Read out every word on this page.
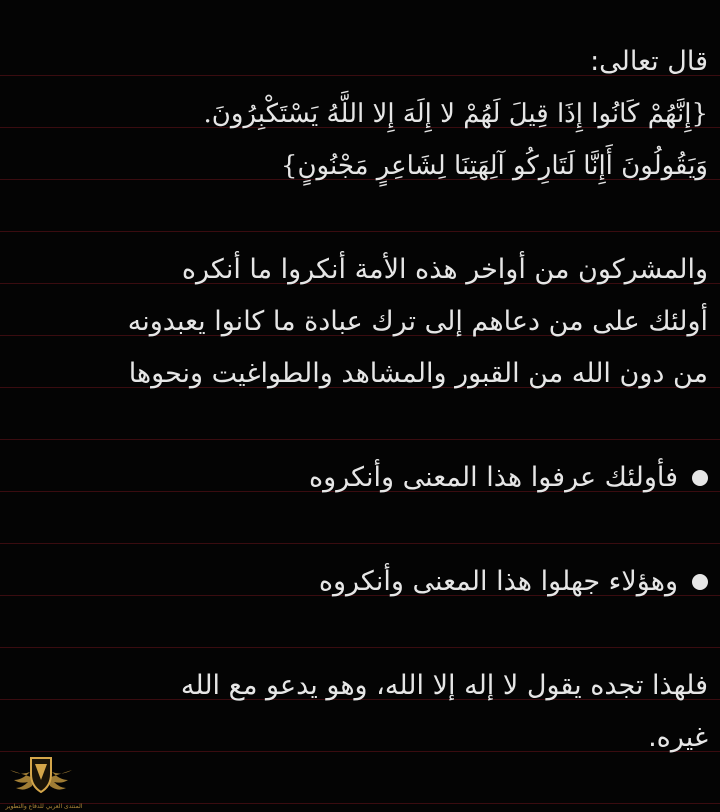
قال تعالى:
{إِنَّهُمْ كَانُوا إِذَا قِيلَ لَهُمْ لا إِلَهَ إِلا اللَّهُ يَسْتَكْبِرُونَ.
وَيَقُولُونَ أَإِنَّا لَتَارِكُو آلِهَتِنَا لِشَاعِرٍ مَجْنُونٍ}
والمشركون من أواخر هذه الأمة أنكروا ما أنكره
أولئك على من دعاهم إلى ترك عبادة ما كانوا يعبدونه
من دون الله من القبور والمشاهد والطواغيت ونحوها
فأولئك عرفوا هذا المعنى وأنكروه
وهؤلاء جهلوا هذا المعنى وأنكروه
فلهذا تجده يقول لا إله إلا الله، وهو يدعو مع الله
غيره.
المنتدى العربي للدفاع والتطوير
